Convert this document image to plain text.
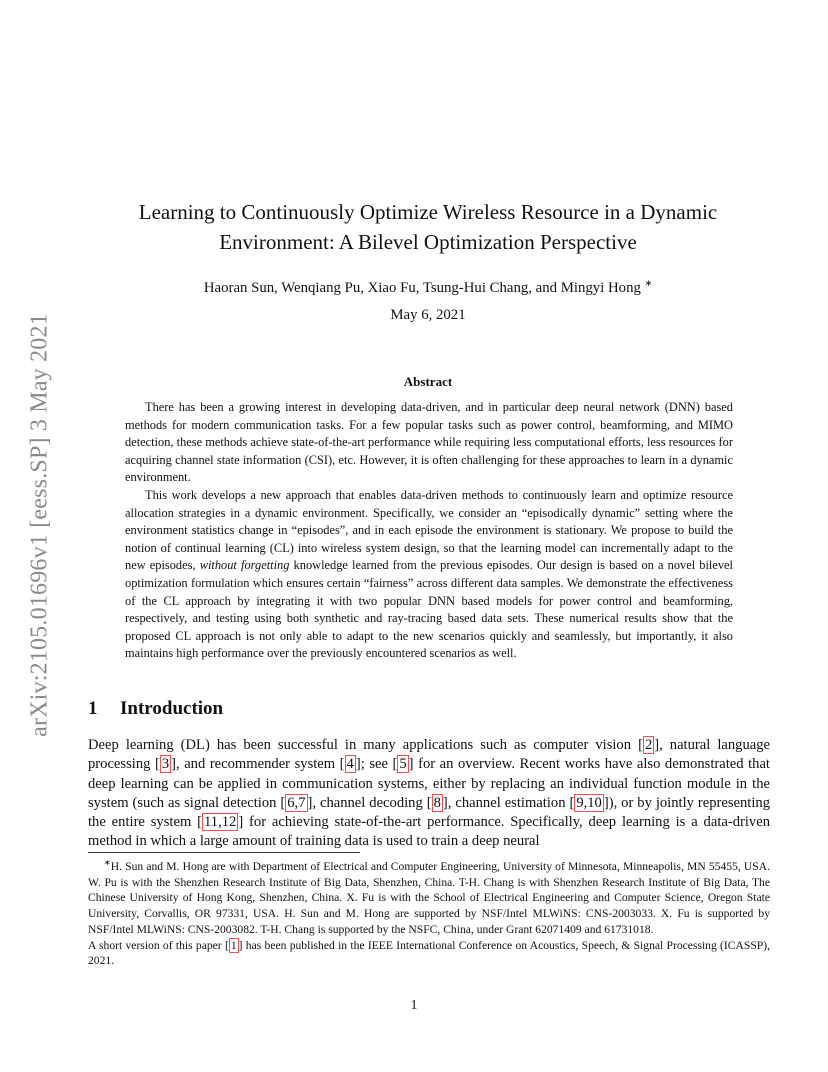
arXiv:2105.01696v1 [eess.SP] 3 May 2021
Learning to Continuously Optimize Wireless Resource in a Dynamic
Environment: A Bilevel Optimization Perspective
Haoran Sun, Wenqiang Pu, Xiao Fu, Tsung-Hui Chang, and Mingyi Hong ∗
May 6, 2021
Abstract

There has been a growing interest in developing data-driven, and in particular deep neural network (DNN) based methods for modern communication tasks. For a few popular tasks such as power control, beamforming, and MIMO detection, these methods achieve state-of-the-art performance while requiring less computational efforts, less resources for acquiring channel state information (CSI), etc. However, it is often challenging for these approaches to learn in a dynamic environment.

This work develops a new approach that enables data-driven methods to continuously learn and optimize resource allocation strategies in a dynamic environment. Specifically, we consider an “episodically dynamic” setting where the environment statistics change in “episodes”, and in each episode the environment is stationary. We propose to build the notion of continual learning (CL) into wireless system design, so that the learning model can incrementally adapt to the new episodes, without forgetting knowledge learned from the previous episodes. Our design is based on a novel bilevel optimization formulation which ensures certain “fairness” across different data samples. We demonstrate the effectiveness of the CL approach by integrating it with two popular DNN based models for power control and beamforming, respectively, and testing using both synthetic and ray-tracing based data sets. These numerical results show that the proposed CL approach is not only able to adapt to the new scenarios quickly and seamlessly, but importantly, it also maintains high performance over the previously encountered scenarios as well.

1 Introduction

Deep learning (DL) has been successful in many applications such as computer vision [ 2 ], natural language processing [ 3 ], and recommender system [ 4 ]; see [ 5 ] for an overview. Recent works have also demonstrated that deep learning can be applied in communication systems, either by replacing an individual function module in the system (such as signal detection [ 6,7 ], channel decoding [ 8 ], channel estimation [ 9,10 ]), or by jointly representing the entire system [ 11,12 ] for achieving state-of-the-art performance. Specifically, deep learning is a data-driven method in which a large amount of training data is used to train a deep neural

∗H. Sun and M. Hong are with Department of Electrical and Computer Engineering, University of Minnesota, Minneapolis, MN 55455, USA. W. Pu is with the Shenzhen Research Institute of Big Data, Shenzhen, China. T-H. Chang is with Shenzhen Research Institute of Big Data, The Chinese University of Hong Kong, Shenzhen, China. X. Fu is with the School of Electrical Engineering and Computer Science, Oregon State University, Corvallis, OR 97331, USA. H. Sun and M. Hong are supported by NSF/Intel MLWiNS: CNS-2003033. X. Fu is supported by NSF/Intel MLWiNS: CNS-2003082. T-H. Chang is supported by the NSFC, China, under Grant 62071409 and 61731018.

A short version of this paper [ 1 ] has been published in the IEEE International Conference on Acoustics, Speech, & Signal Processing (ICASSP), 2021.

1
